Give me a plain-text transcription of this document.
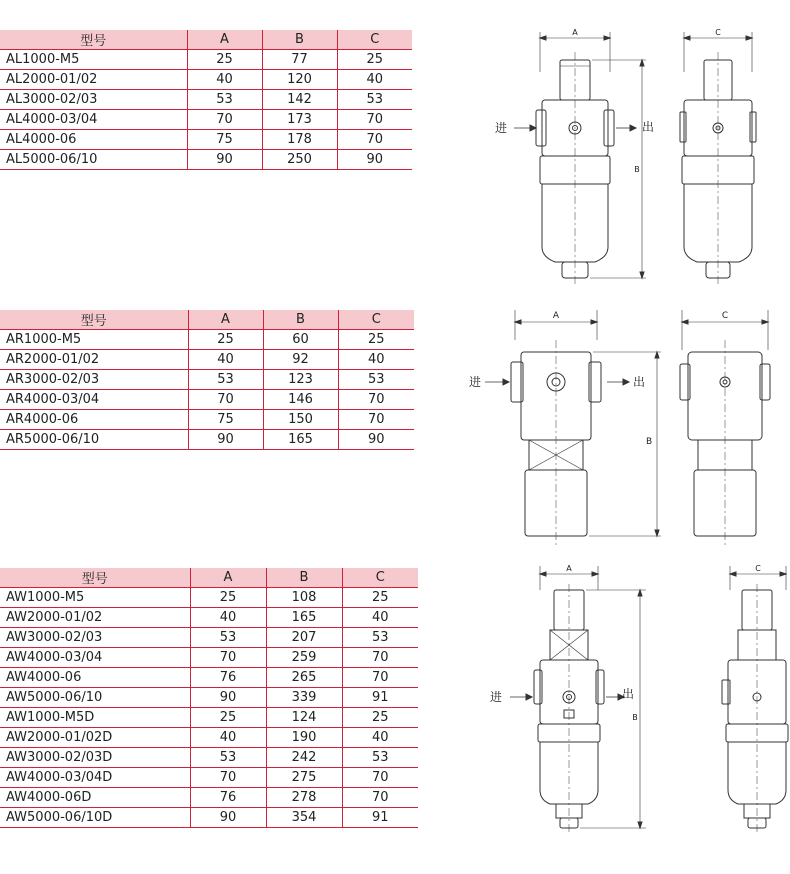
型号	A	B	C
AL1000-M5	25	77	25
AL2000-01/02	40	120	40
AL3000-02/03	53	142	53
AL4000-03/04	70	173	70
AL4000-06	75	178	70
AL5000-06/10	90	250	90
型号	A	B	C
AR1000-M5	25	60	25
AR2000-01/02	40	92	40
AR3000-02/03	53	123	53
AR4000-03/04	70	146	70
AR4000-06	75	150	70
AR5000-06/10	90	165	90
型号	A	B	C
AW1000-M5	25	108	25
AW2000-01/02	40	165	40
AW3000-02/03	53	207	53
AW4000-03/04	70	259	70
AW4000-06	76	265	70
AW5000-06/10	90	339	91
AW1000-M5D	25	124	25
AW2000-01/02D	40	190	40
AW3000-02/03D	53	242	53
AW4000-03/04D	70	275	70
AW4000-06D	76	278	70
AW5000-06/10D	90	354	91
A
B
进	出
C
A
进	出
B
C
A
B
进	出
C
